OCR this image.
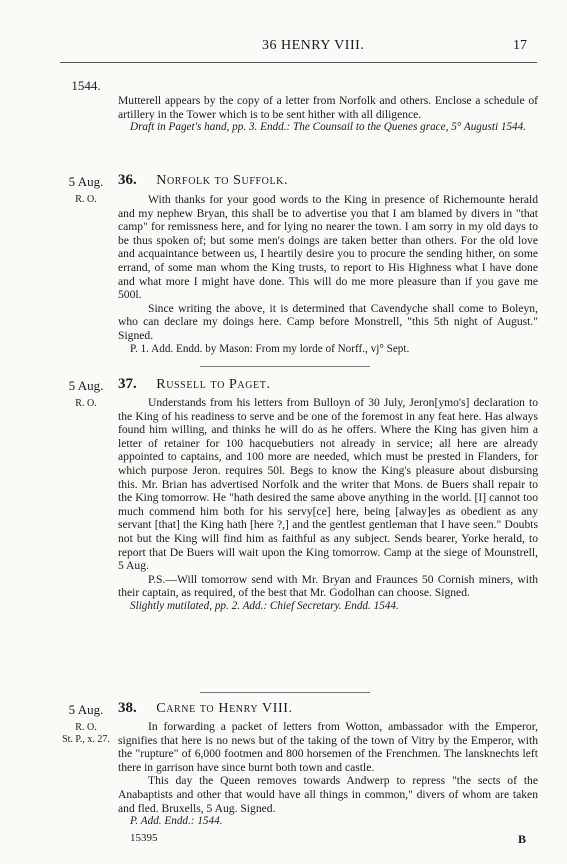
36 HENRY VIII.	17
1544.

Mutterell appears by the copy of a letter from Norfolk and others. Enclose a schedule of artillery in the Tower which is to be sent hither with all diligence.

Draft in Paget's hand, pp. 3. Endd.: The Counsail to the Quenes grace, 5° Augusti 1544.

5 Aug.
R. O.
36. Norfolk to Suffolk.

With thanks for your good words to the King in presence of Richemounte herald and my nephew Bryan, this shall be to advertise you that I am blamed by divers in "that camp" for remissness here, and for lying no nearer the town. I am sorry in my old days to be thus spoken of; but some men's doings are taken better than others. For the old love and acquaintance between us, I heartily desire you to procure the sending hither, on some errand, of some man whom the King trusts, to report to His Highness what I have done and what more I might have done. This will do me more pleasure than if you gave me 500l.

Since writing the above, it is determined that Cavendyche shall come to Boleyn, who can declare my doings here. Camp before Monstrell, "this 5th night of August." Signed.

P. 1. Add. Endd. by Mason: From my lorde of Norff., vj° Sept.

5 Aug.
R. O.
37. Russell to Paget.

Understands from his letters from Bulloyn of 30 July, Jeron[ymo's] declaration to the King of his readiness to serve and be one of the foremost in any feat here. Has always found him willing, and thinks he will do as he offers. Where the King has given him a letter of retainer for 100 hacquebutiers not already in service; all here are already appointed to captains, and 100 more are needed, which must be prested in Flanders, for which purpose Jeron. requires 50l. Begs to know the King's pleasure about disbursing this. Mr. Brian has advertised Norfolk and the writer that Mons. de Buers shall repair to the King tomorrow. He "hath desired the same above anything in the world. [I] cannot too much commend him both for his servy[ce] here, being [alway]es as obedient as any servant [that] the King hath [here ?,] and the gentlest gentleman that I have seen." Doubts not but the King will find him as faithful as any subject. Sends bearer, Yorke herald, to report that De Buers will wait upon the King tomorrow. Camp at the siege of Mounstrell, 5 Aug.

P.S.—Will tomorrow send with Mr. Bryan and Fraunces 50 Cornish miners, with their captain, as required, of the best that Mr. Godolhan can choose. Signed.

Slightly mutilated, pp. 2. Add.: Chief Secretary. Endd. 1544.

5 Aug.
R. O.
St. P., x. 27.
38. Carne to Henry VIII.

In forwarding a packet of letters from Wotton, ambassador with the Emperor, signifies that here is no news but of the taking of the town of Vitry by the Emperor, with the "rupture" of 6,000 footmen and 800 horsemen of the Frenchmen. The lansknechts left there in garrison have since burnt both town and castle.

This day the Queen removes towards Andwerp to repress "the sects of the Anabaptists and other that would have all things in common," divers of whom are taken and fled. Bruxells, 5 Aug. Signed.

P. Add. Endd.: 1544.

15395	B
